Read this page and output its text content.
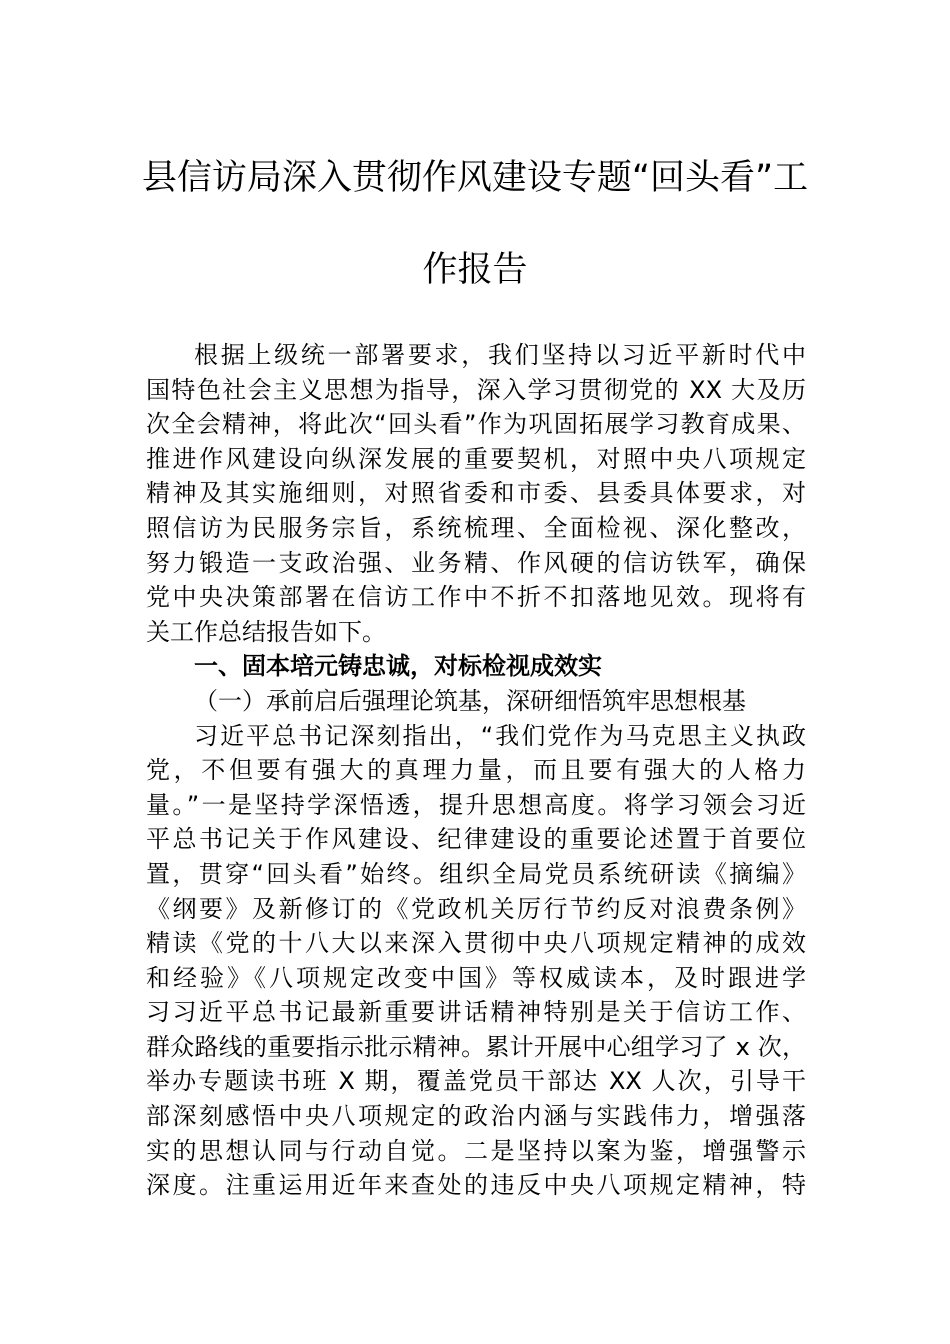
县信访局深入贯彻作风建设专题“回头看”工
作报告
根据上级统一部署要求，我们坚持以习近平新时代中
国特色社会主义思想为指导，深入学习贯彻党的 XX 大及历
次全会精神，将此次“回头看”作为巩固拓展学习教育成果、
推进作风建设向纵深发展的重要契机，对照中央八项规定
精神及其实施细则，对照省委和市委、县委具体要求，对
照信访为民服务宗旨，系统梳理、全面检视、深化整改，
努力锻造一支政治强、业务精、作风硬的信访铁军，确保
党中央决策部署在信访工作中不折不扣落地见效。现将有
关工作总结报告如下。
一、固本培元铸忠诚，对标检视成效实
（一）承前启后强理论筑基，深研细悟筑牢思想根基
习近平总书记深刻指出，“我们党作为马克思主义执政
党，不但要有强大的真理力量，而且要有强大的人格力
量。”一是坚持学深悟透，提升思想高度。将学习领会习近
平总书记关于作风建设、纪律建设的重要论述置于首要位
置，贯穿“回头看”始终。组织全局党员系统研读《摘编》
《纲要》及新修订的《党政机关厉行节约反对浪费条例》
精读《党的十八大以来深入贯彻中央八项规定精神的成效
和经验》《八项规定改变中国》等权威读本，及时跟进学
习习近平总书记最新重要讲话精神特别是关于信访工作、
群众路线的重要指示批示精神。累计开展中心组学习了 x 次，
举办专题读书班 X 期，覆盖党员干部达 XX 人次，引导干
部深刻感悟中央八项规定的政治内涵与实践伟力，增强落
实的思想认同与行动自觉。二是坚持以案为鉴，增强警示
深度。注重运用近年来查处的违反中央八项规定精神，特
